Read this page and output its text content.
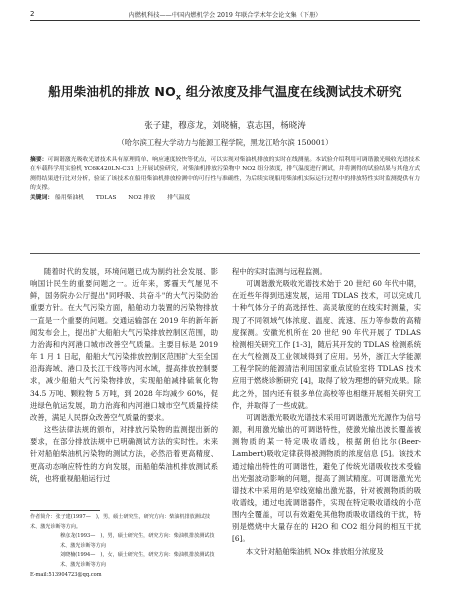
2	内燃机科技——中国内燃机学会 2019 年联合学术年会论文集（下册）
船用柴油机的排放 $NO_x$ 组分浓度及排气温度在线测试技术研究
张子建，穆彦龙，刘晓楠，袁志国，杨晓涛
（哈尔滨工程大学动力与能源工程学院，黑龙江哈尔滨 150001）
摘要：可调谐激光吸收光谱技术具有原理简单、响应速度较快等优点，可以实现对柴油机排放的实时在线测量。本试验介绍利用可调谐激光吸收光谱技术在车载科学用实验机 YC6K420LN-C31 上开展试验研究，对柴油机排放污染物中 NO2 组分浓度，排气温度进行测试，并将测得的试验结果与其他方式测得结果进行比对分析，验证了该技术在船用柴油机排放检测中的可行性与准确性，为后续实现船用柴油机实际运行过程中的排放特性实时监测提供有力的支撑。
关键词： 船用柴油机 TDLAS NO2 排放 排气温度

随着时代的发展，环境问题已成为制约社会发展、影响国计民生的重要问题之一。近年来，雾霾天气屡见不鲜，国务院办公厅提出"同呼吸、共奋斗"的大气污染防治重要方针。在大气污染方面，船舶动力装置的污染物排放一直是一个重要的问题。交通运输部在 2019 年的新年新闻发布会上，提出扩大船舶大气污染排放控制区范围，助力治海和内河港口城市改善空气质量。主要目标是 2019 年 1 月 1 日起，船舶大气污染排放控制区范围扩大至全国沿海海域、港口及长江干线等内河水域，提高排放控制要求，减少船舶大气污染物排放，实现船舶减排硫氧化物 34.5 万吨、颗粒物 5 万吨，到 2028 年均减少 60%，促进绿色航运发展，助力治海和内河港口城市空气质量持续改善，满足人民群众改善空气质量的要求。

这些法律法规的颁布，对排放污染物的监测提出新的要求，在部分排放法规中已明确测试方法的实时性。未来针对船舶柴油机污染物的测试方法，必然沿着更高精度、更高动态响应特性的方向发展，而船舶柴油机排放测试系统，也将重视船舶运行过

程中的实时监测与远程监测。

可调谐激光吸收光谱技术始于 20 世纪 60 年代中期，在近些年得到迅速发展，运用 TDLAS 技术，可以完成几十种气体分子的高选择性、高灵敏度的在线实时测量，实现了不同领域气体浓度、温度、流速、压力等参数的高精度探测。安徽光机所在 20 世纪 90 年代开展了 TDLAS 检测相关研究工作 [1-3]，随后其开发的 TDLAS 检测系统在大气检测及工业领域得到了应用。另外，浙江大学能源工程学院的能源清洁利用国家重点试验室将 TDLAS 技术应用于燃烧诊断研究 [4]，取得了较为理想的研究成果。除此之外，国内还有很多单位高校等也相继开展相关研究工作，并取得了一些成就。

可调谐激光吸收光谱技术采用可调谐激光光源作为信号源，利用激光输出的可调谐特性，使激光输出波长覆盖被测物质的某一特定吸收谱线，根据朗伯比尔(Beer-Lambert)吸收定律获得被测物质的浓度信息 [5]。该技术通过输出特性的可调谐性，避免了传统光谱吸收技术受输出光强波动影响的问题，提高了测试精度。可调谐激光光谱技术中采用的是窄线宽输出激光器，针对被测物质的吸收谱线，通过电流调谐器件，实现在特定吸收谱线的小范围内全覆盖，可以有效避免其他物质吸收谱线的干扰，特别是燃烧中大量存在的 H2O 和 CO2 组分间的相互干扰 [6]。

本文针对船舶柴油机 NOx 排放组分浓度及

作者简介：张子建(1997—　)，男，硕士研究生，研究方向：柴油机排放测试技术、激光诊断等方向。
穆彦龙(1993—　)，男，硕士研究生，研究方向：柴油机排放测试技术、激光诊断等方向
刘晓楠(1994—　)，女，硕士研究生，研究方向：柴油机排放测试技术、激光诊断等方向
E-mail:513904723@qq.com
